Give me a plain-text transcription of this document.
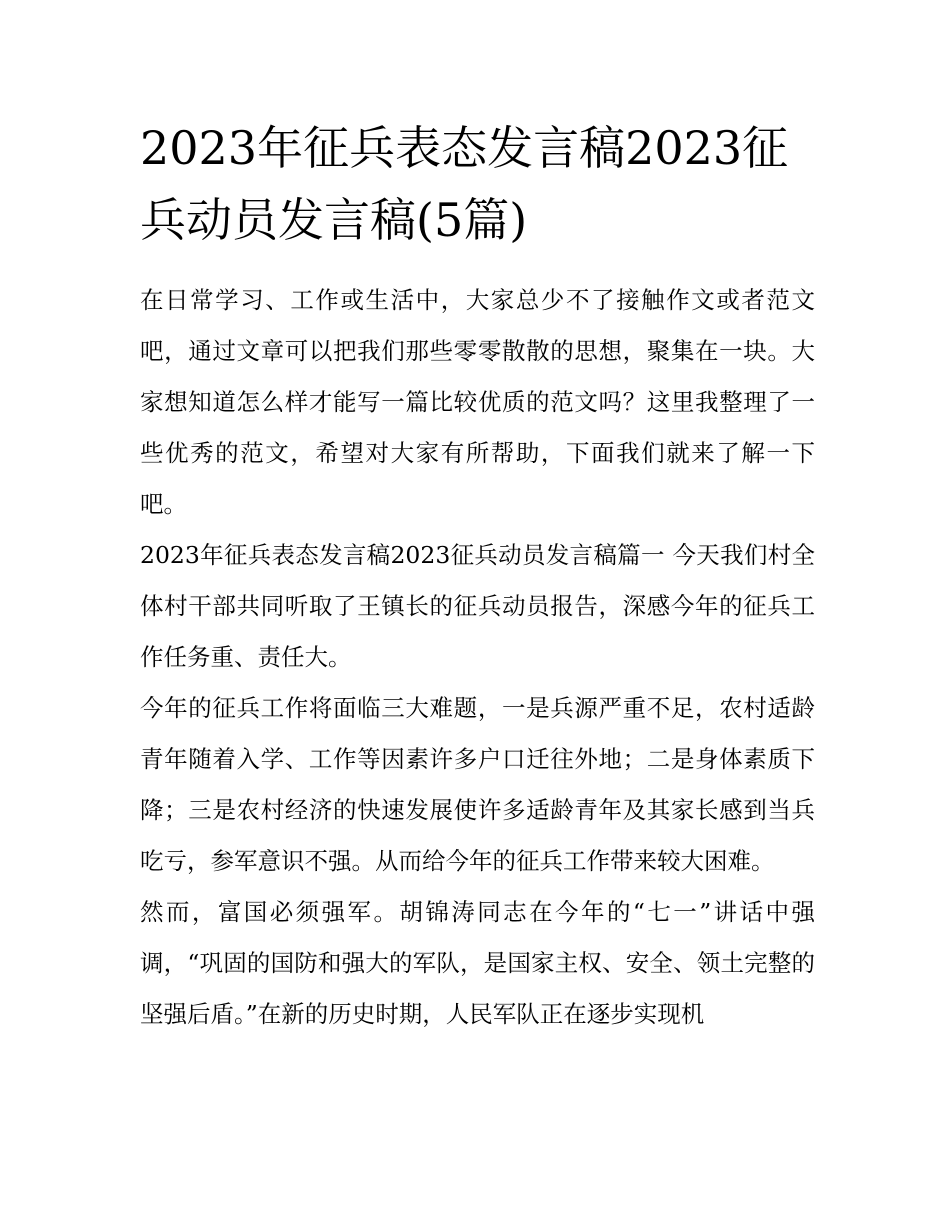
2023年征兵表态发言稿2023征兵动员发言稿(5篇)

在日常学习、工作或生活中，大家总少不了接触作文或者范文吧，通过文章可以把我们那些零零散散的思想，聚集在一块。大家想知道怎么样才能写一篇比较优质的范文吗？这里我整理了一些优秀的范文，希望对大家有所帮助，下面我们就来了解一下吧。

2023年征兵表态发言稿2023征兵动员发言稿篇一 今天我们村全体村干部共同听取了王镇长的征兵动员报告，深感今年的征兵工作任务重、责任大。

今年的征兵工作将面临三大难题，一是兵源严重不足，农村适龄青年随着入学、工作等因素许多户口迁往外地；二是身体素质下降；三是农村经济的快速发展使许多适龄青年及其家长感到当兵吃亏，参军意识不强。从而给今年的征兵工作带来较大困难。

然而，富国必须强军。胡锦涛同志在今年的“七一”讲话中强调，“巩固的国防和强大的军队，是国家主权、安全、领土完整的坚强后盾。”在新的历史时期，人民军队正在逐步实现机
